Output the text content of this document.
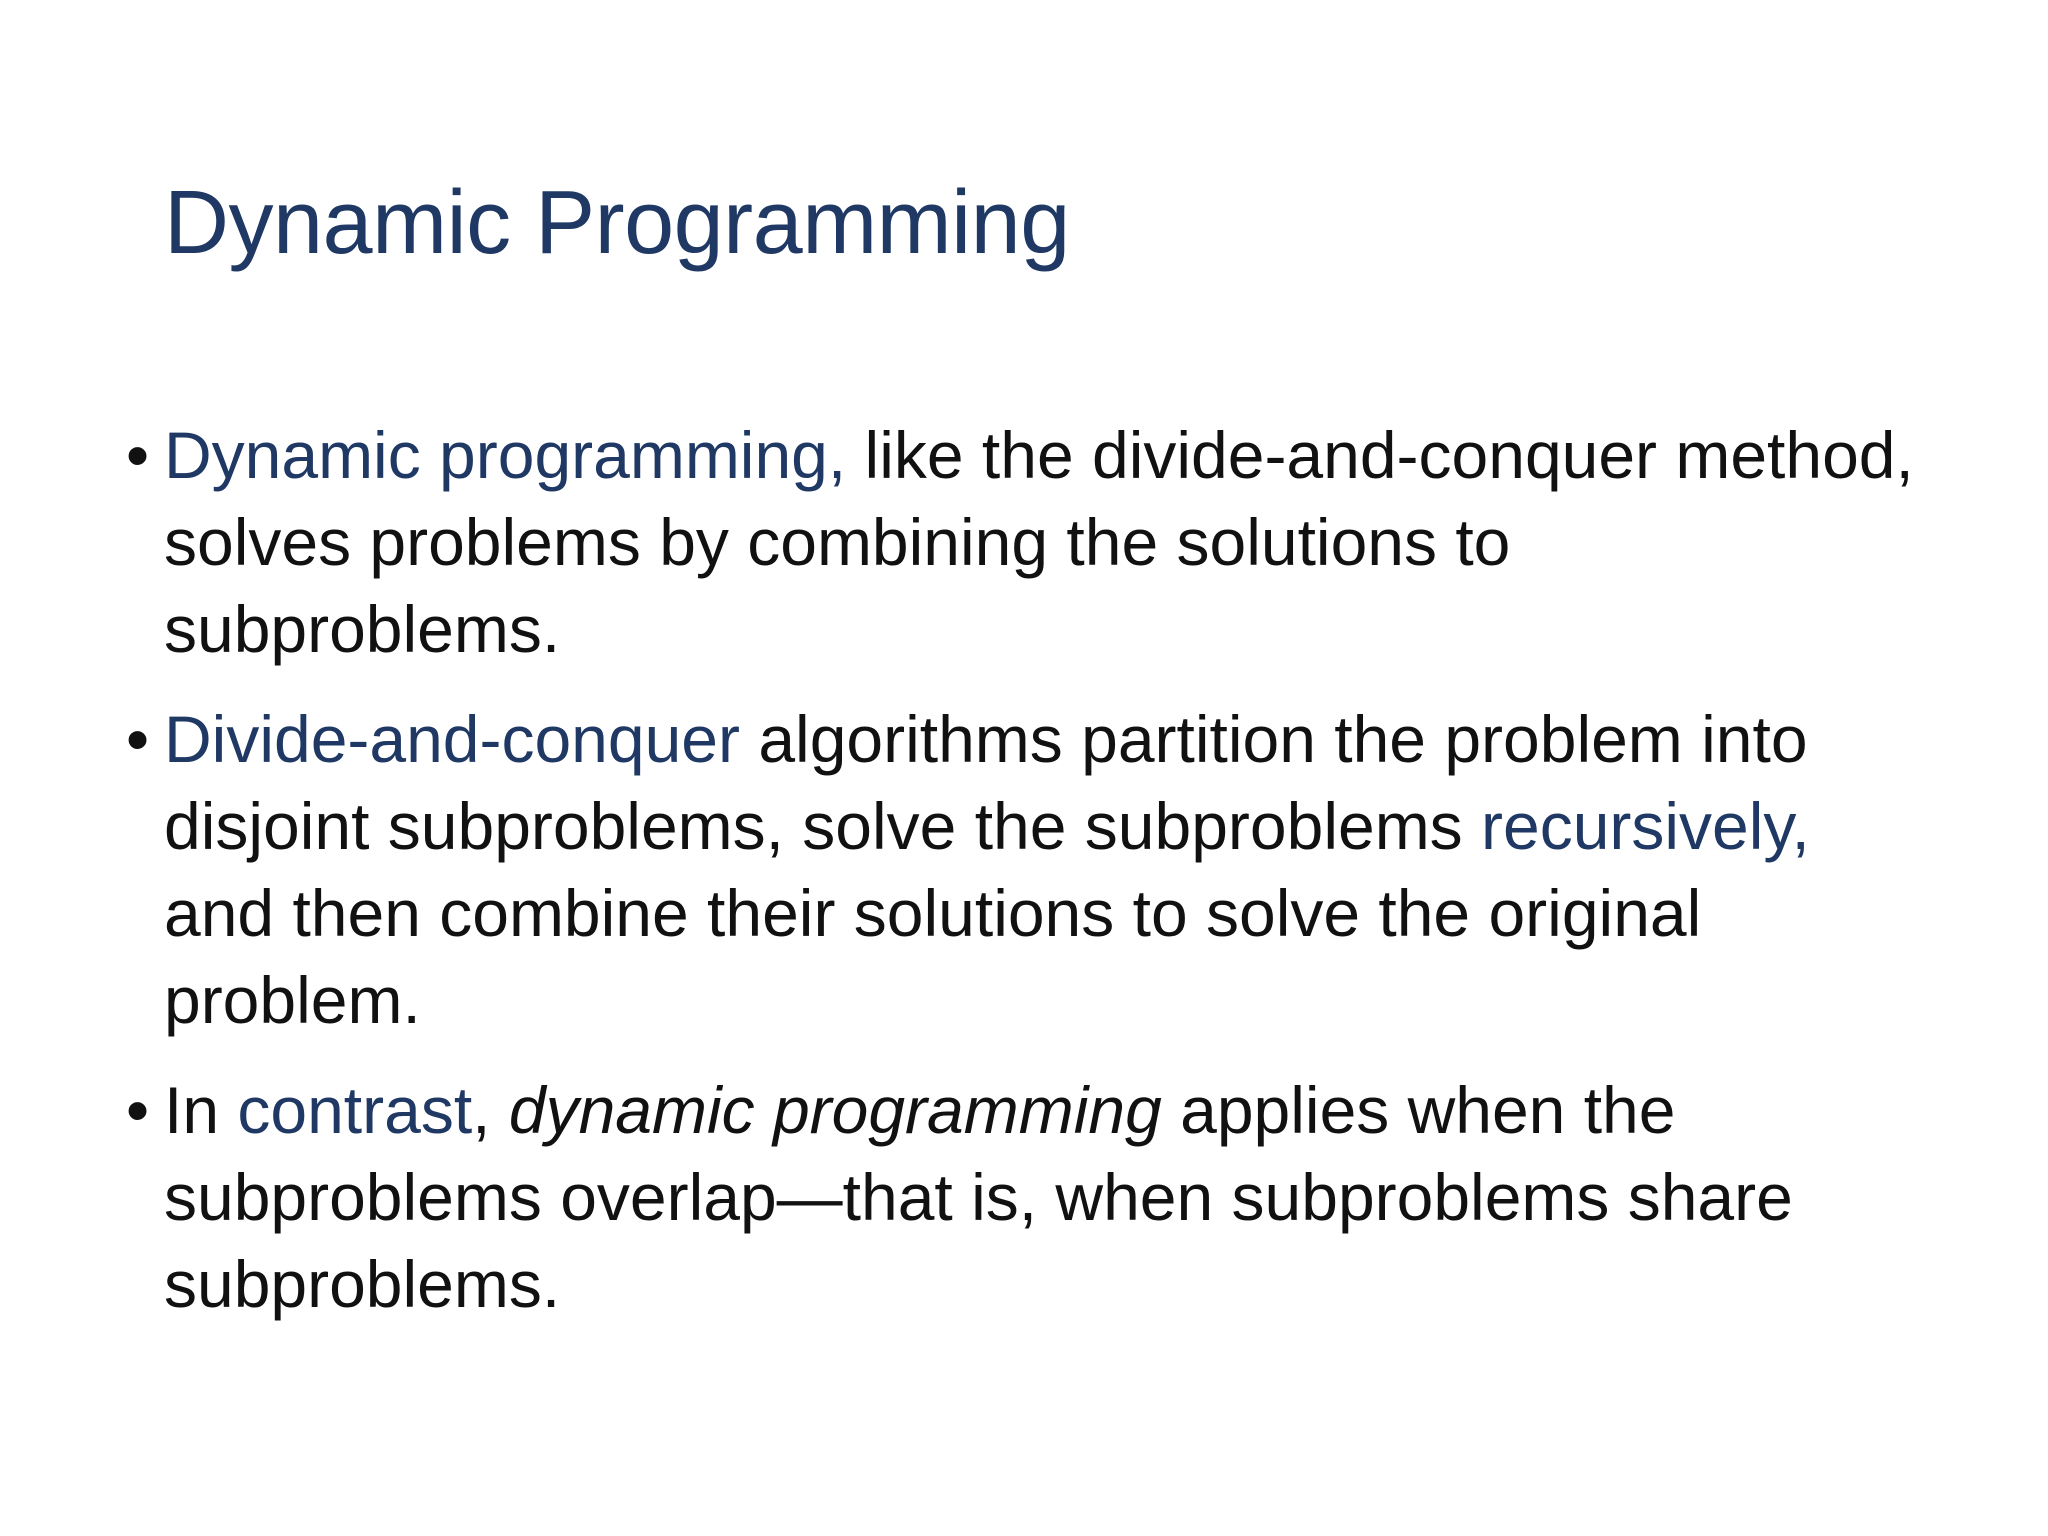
Dynamic Programming
• Dynamic programming, like the divide-and-conquer method, solves problems by combining the solutions to subproblems.
• Divide-and-conquer algorithms partition the problem into disjoint subproblems, solve the subproblems recursively, and then combine their solutions to solve the original problem.
• In contrast, dynamic programming applies when the subproblems overlap—that is, when subproblems share subproblems.
